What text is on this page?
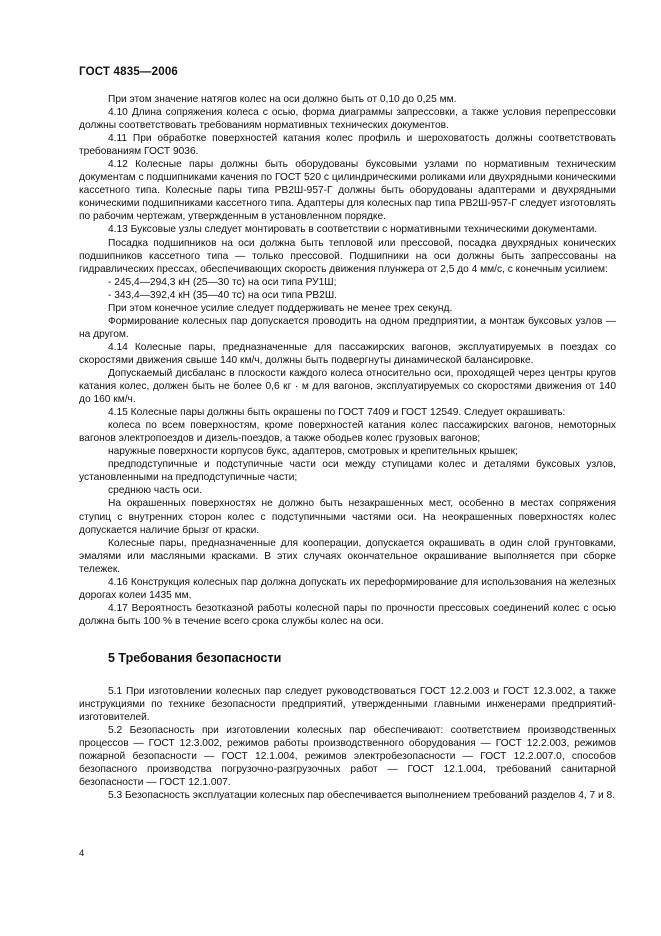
ГОСТ 4835—2006

При этом значение натягов колес на оси должно быть от 0,10 до 0,25 мм.

4.10 Длина сопряжения колеса с осью, форма диаграммы запрессовки, а также условия перепрессовки должны соответствовать требованиям нормативных технических документов.

4.11 При обработке поверхностей катания колес профиль и шероховатость должны соответствовать требованиям ГОСТ 9036.

4.12 Колесные пары должны быть оборудованы буксовыми узлами по нормативным техническим документам с подшипниками качения по ГОСТ 520 с цилиндрическими роликами или двухрядными коническими кассетного типа. Колесные пары типа РВ2Ш-957-Г должны быть оборудованы адаптерами и двухрядными коническими подшипниками кассетного типа. Адаптеры для колесных пар типа РВ2Ш-957-Г следует изготовлять по рабочим чертежам, утвержденным в установленном порядке.

4.13 Буксовые узлы следует монтировать в соответствии с нормативными техническими документами.

Посадка подшипников на оси должна быть тепловой или прессовой, посадка двухрядных конических подшипников кассетного типа — только прессовой. Подшипники на оси должны быть запрессованы на гидравлических прессах, обеспечивающих скорость движения плунжера от 2,5 до 4 мм/с, с конечным усилием:

- 245,4—294,3 кН (25—30 тс) на оси типа РУ1Ш;

- 343,4—392,4 кН (35—40 тс) на оси типа РВ2Ш.

При этом конечное усилие следует поддерживать не менее трех секунд.

Формирование колесных пар допускается проводить на одном предприятии, а монтаж буксовых узлов — на другом.

4.14 Колесные пары, предназначенные для пассажирских вагонов, эксплуатируемых в поездах со скоростями движения свыше 140 км/ч, должны быть подвергнуты динамической балансировке.

Допускаемый дисбаланс в плоскости каждого колеса относительно оси, проходящей через центры кругов катания колес, должен быть не более 0,6 кг · м для вагонов, эксплуатируемых со скоростями движения от 140 до 160 км/ч.

4.15 Колесные пары должны быть окрашены по ГОСТ 7409 и ГОСТ 12549. Следует окрашивать:

колеса по всем поверхностям, кроме поверхностей катания колес пассажирских вагонов, немоторных вагонов электропоездов и дизель-поездов, а также ободьев колес грузовых вагонов;

наружные поверхности корпусов букс, адаптеров, смотровых и крепительных крышек;

предподступичные и подступичные части оси между ступицами колес и деталями буксовых узлов, установленными на предподступичные части;

среднюю часть оси.

На окрашенных поверхностях не должно быть незакрашенных мест, особенно в местах сопряжения ступиц с внутренних сторон колес с подступичными частями оси. На неокрашенных поверхностях колес допускается наличие брызг от краски.

Колесные пары, предназначенные для кооперации, допускается окрашивать в один слой грунтовками, эмалями или масляными красками. В этих случаях окончательное окрашивание выполняется при сборке тележек.

4.16 Конструкция колесных пар должна допускать их переформирование для использования на железных дорогах колеи 1435 мм.

4.17 Вероятность безотказной работы колесной пары по прочности прессовых соединений колес с осью должна быть 100 % в течение всего срока службы колес на оси.

5 Требования безопасности

5.1 При изготовлении колесных пар следует руководствоваться ГОСТ 12.2.003 и ГОСТ 12.3.002, а также инструкциями по технике безопасности предприятий, утвержденными главными инженерами предприятий-изготовителей.

5.2 Безопасность при изготовлении колесных пар обеспечивают: соответствием производственных процессов — ГОСТ 12.3.002, режимов работы производственного оборудования — ГОСТ 12.2.003, режимов пожарной безопасности — ГОСТ 12.1.004, режимов электробезопасности — ГОСТ 12.2.007.0, способов безопасного производства погрузочно-разгрузочных работ — ГОСТ 12.1.004, требований санитарной безопасности — ГОСТ 12.1.007.

5.3 Безопасность эксплуатации колесных пар обеспечивается выполнением требований разделов 4, 7 и 8.

4
